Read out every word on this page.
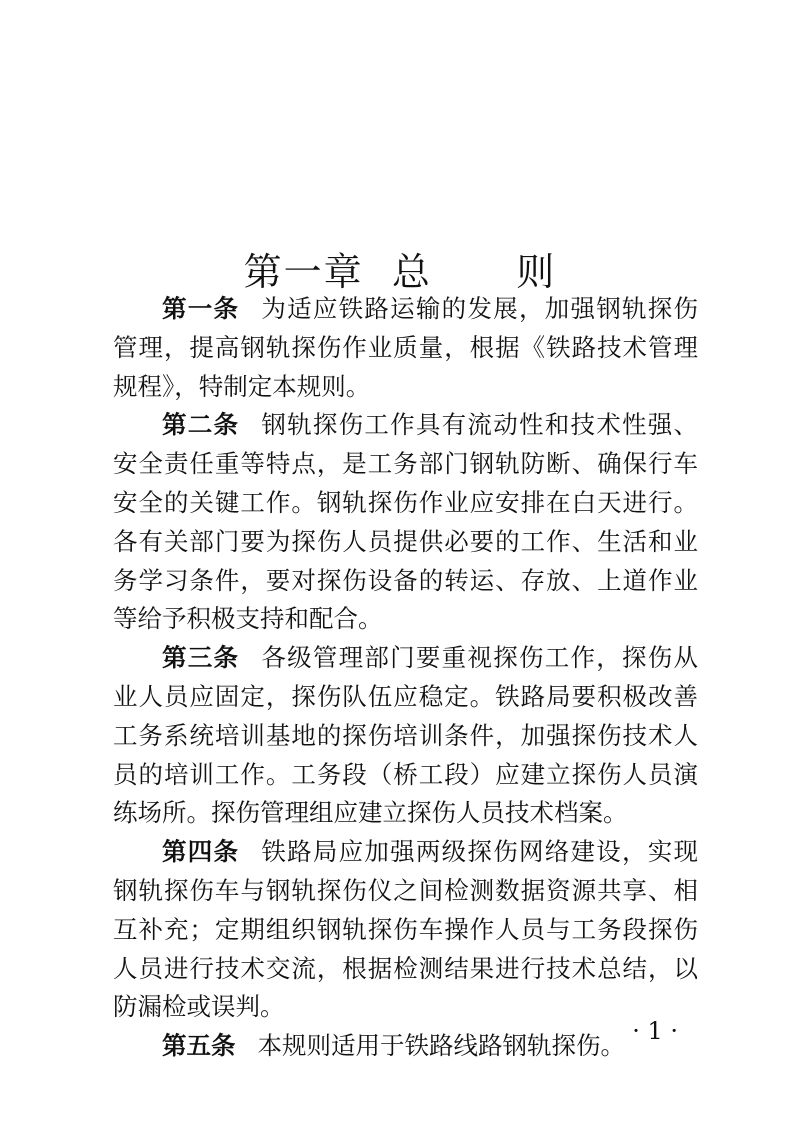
第一章  总      则

第一条 为适应铁路运输的发展，加强钢轨探伤管理，提高钢轨探伤作业质量，根据《铁路技术管理规程》，特制定本规则。

第二条 钢轨探伤工作具有流动性和技术性强、安全责任重等特点，是工务部门钢轨防断、确保行车安全的关键工作。钢轨探伤作业应安排在白天进行。各有关部门要为探伤人员提供必要的工作、生活和业务学习条件，要对探伤设备的转运、存放、上道作业等给予积极支持和配合。

第三条 各级管理部门要重视探伤工作，探伤从业人员应固定，探伤队伍应稳定。铁路局要积极改善工务系统培训基地的探伤培训条件，加强探伤技术人员的培训工作。工务段（桥工段）应建立探伤人员演练场所。探伤管理组应建立探伤人员技术档案。

第四条 铁路局应加强两级探伤网络建设，实现钢轨探伤车与钢轨探伤仪之间检测数据资源共享、相互补充；定期组织钢轨探伤车操作人员与工务段探伤人员进行技术交流，根据检测结果进行技术总结，以防漏检或误判。

第五条 本规则适用于铁路线路钢轨探伤。

· 1 ·
